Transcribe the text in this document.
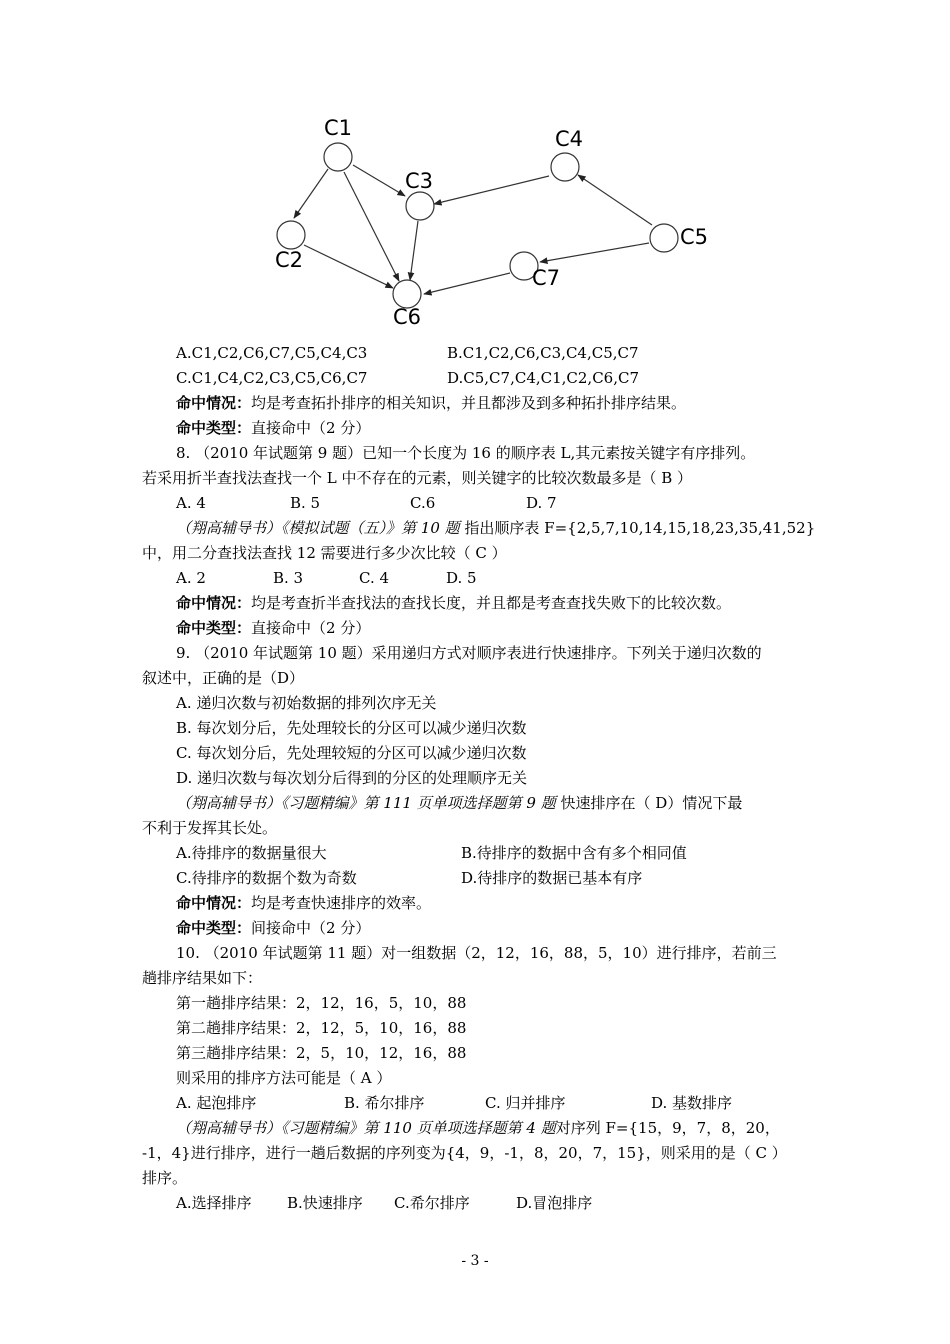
C1
C2
C3
C4
C5
C6
C7
A.C1,C2,C6,C7,C5,C4,C3	B.C1,C2,C6,C3,C4,C5,C7
C.C1,C4,C2,C3,C5,C6,C7	D.C5,C7,C4,C1,C2,C6,C7
命中情况：均是考查拓扑排序的相关知识，并且都涉及到多种拓扑排序结果。
命中类型：直接命中（2 分）
8. （2010 年试题第 9 题）已知一个长度为 16 的顺序表 L,其元素按关键字有序排列。
若采用折半查找法查找一个 L 中不存在的元素，则关键字的比较次数最多是（ B ）
A. 4	B. 5	C.6	D. 7
（翔高辅导书）《模拟试题（五）》第 10 题 指出顺序表 F={2,5,7,10,14,15,18,23,35,41,52}
中，用二分查找法查找 12 需要进行多少次比较（ C ）
A. 2	B. 3	C. 4	D. 5
命中情况：均是考查折半查找法的查找长度，并且都是考查查找失败下的比较次数。
命中类型：直接命中（2 分）
9. （2010 年试题第 10 题）采用递归方式对顺序表进行快速排序。下列关于递归次数的
叙述中，正确的是（D）
A. 递归次数与初始数据的排列次序无关
B. 每次划分后，先处理较长的分区可以减少递归次数
C. 每次划分后，先处理较短的分区可以减少递归次数
D. 递归次数与每次划分后得到的分区的处理顺序无关
（翔高辅导书）《习题精编》第 111 页单项选择题第 9 题 快速排序在（ D）情况下最
不利于发挥其长处。
A.待排序的数据量很大	B.待排序的数据中含有多个相同值
C.待排序的数据个数为奇数	D.待排序的数据已基本有序
命中情况：均是考查快速排序的效率。
命中类型：间接命中（2 分）
10. （2010 年试题第 11 题）对一组数据（2，12，16，88，5，10）进行排序，若前三
趟排序结果如下：
第一趟排序结果：2，12，16，5，10，88
第二趟排序结果：2，12，5，10，16，88
第三趟排序结果：2，5，10，12，16，88
则采用的排序方法可能是（ A ）
A. 起泡排序	B. 希尔排序	C. 归并排序	D. 基数排序
（翔高辅导书）《习题精编》第 110 页单项选择题第 4 题对序列 F={15，9，7，8，20，
-1，4}进行排序，进行一趟后数据的序列变为{4，9，-1，8，20，7，15}，则采用的是（ C ）
排序。
A.选择排序 B.快速排序 C.希尔排序	D.冒泡排序
- 3 -
